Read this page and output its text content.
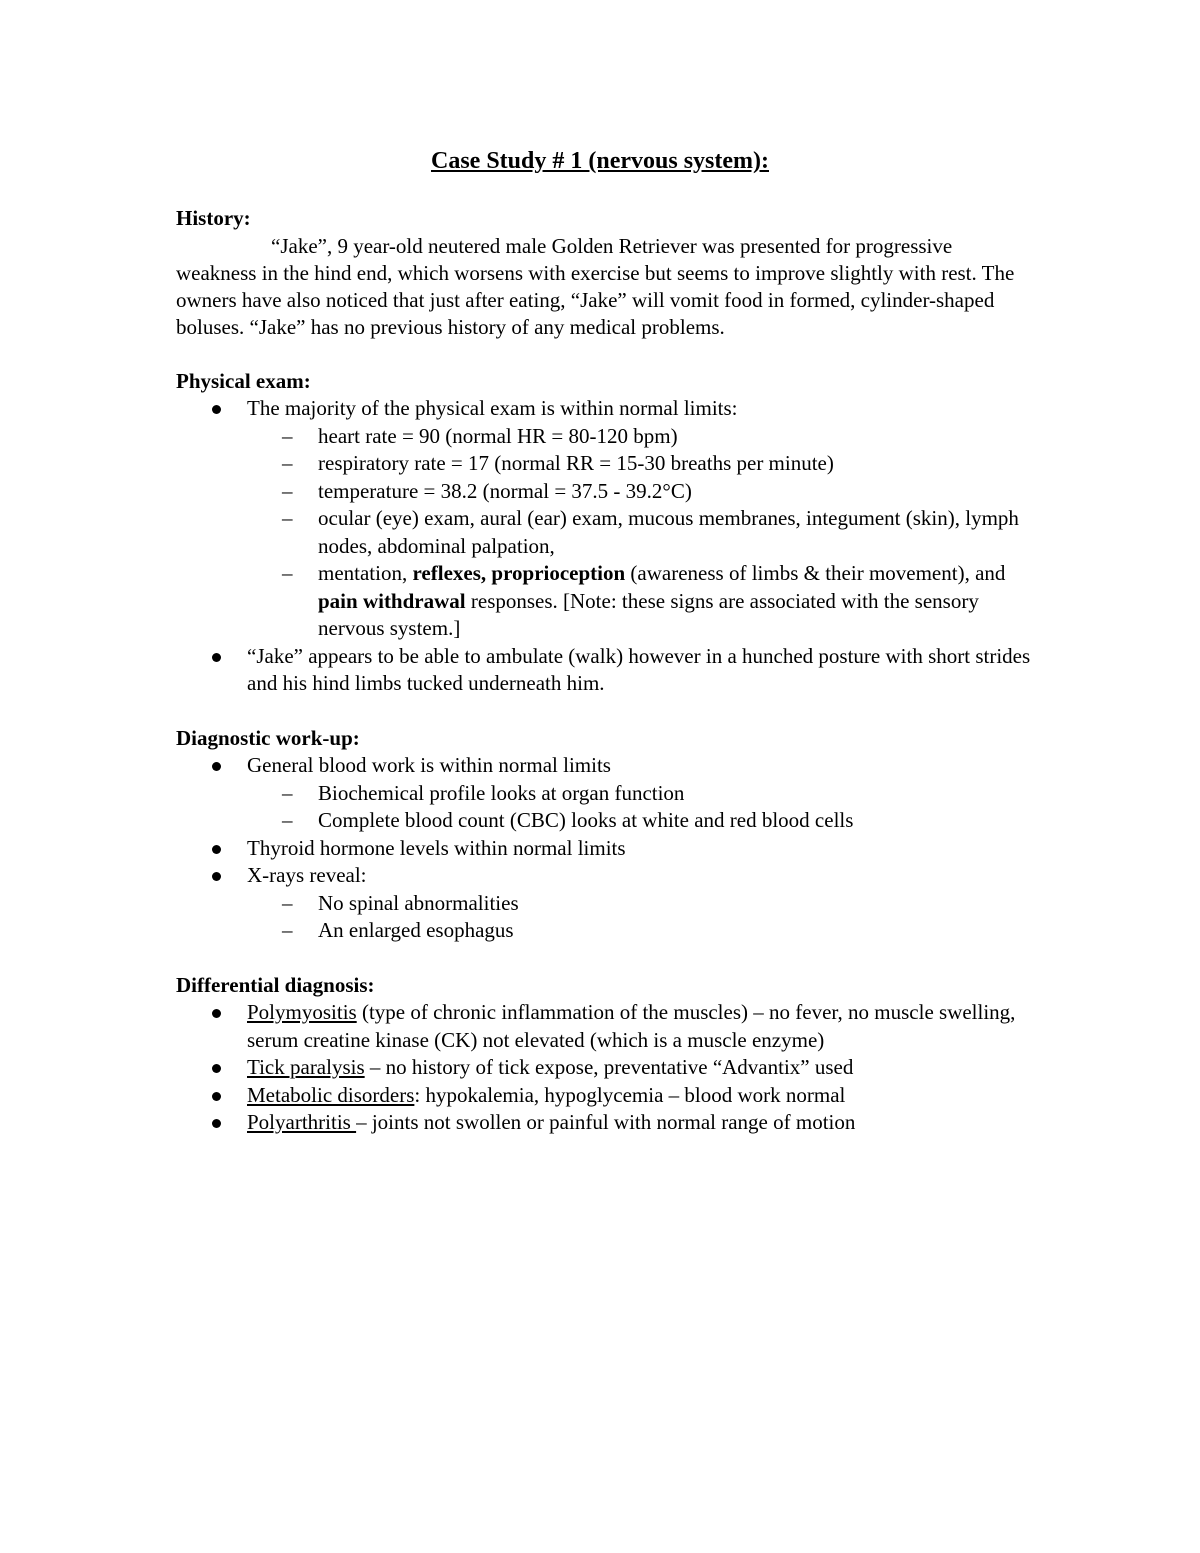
Case Study # 1 (nervous system):

History:

“Jake”, 9 year-old neutered male Golden Retriever was presented for progressive weakness in the hind end, which worsens with exercise but seems to improve slightly with rest. The owners have also noticed that just after eating, “Jake” will vomit food in formed, cylinder-shaped boluses. “Jake” has no previous history of any medical problems.

Physical exam:

The majority of the physical exam is within normal limits:
– heart rate = 90 (normal HR = 80-120 bpm)
– respiratory rate = 17 (normal RR = 15-30 breaths per minute)
– temperature = 38.2 (normal = 37.5 - 39.2°C)
– ocular (eye) exam, aural (ear) exam, mucous membranes, integument (skin), lymph nodes, abdominal palpation,
– mentation, reflexes, proprioception (awareness of limbs & their movement), and pain withdrawal responses. [Note: these signs are associated with the sensory nervous system.]
“Jake” appears to be able to ambulate (walk) however in a hunched posture with short strides and his hind limbs tucked underneath him.

Diagnostic work-up:

General blood work is within normal limits
– Biochemical profile looks at organ function
– Complete blood count (CBC) looks at white and red blood cells
Thyroid hormone levels within normal limits
X-rays reveal:
– No spinal abnormalities
– An enlarged esophagus

Differential diagnosis:

Polymyositis (type of chronic inflammation of the muscles) – no fever, no muscle swelling, serum creatine kinase (CK) not elevated (which is a muscle enzyme)
Tick paralysis – no history of tick expose, preventative “Advantix” used
Metabolic disorders: hypokalemia, hypoglycemia – blood work normal
Polyarthritis – joints not swollen or painful with normal range of motion
